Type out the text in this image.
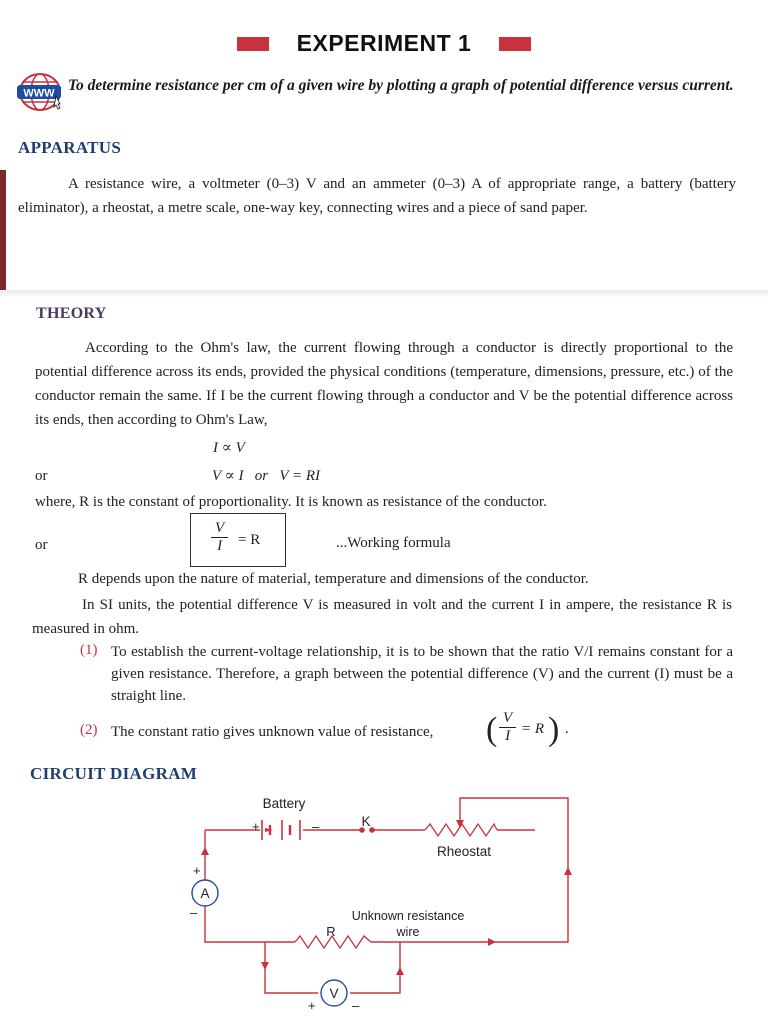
EXPERIMENT 1
WWW To determine resistance per cm of a given wire by plotting a graph of potential difference versus current.
APPARATUS
A resistance wire, a voltmeter (0–3) V and an ammeter (0–3) A of appropriate range, a battery (battery eliminator), a rheostat, a metre scale, one-way key, connecting wires and a piece of sand paper.
THEORY
According to the Ohm's law, the current flowing through a conductor is directly proportional to the potential difference across its ends, provided the physical conditions (temperature, dimensions, pressure, etc.) of the conductor remain the same. If I be the current flowing through a conductor and V be the potential difference across its ends, then according to Ohm's Law,
I ∝ V
or	V ∝ I   or   V = RI
where, R is the constant of proportionality. It is known as resistance of the conductor.
or	$\frac{V}{I} = R$	...Working formula
R depends upon the nature of material, temperature and dimensions of the conductor.
In SI units, the potential difference V is measured in volt and the current I in ampere, the resistance R is measured in ohm.
(1) To establish the current-voltage relationship, it is to be shown that the ratio V/I remains constant for a given resistance. Therefore, a graph between the potential difference (V) and the current (I) must be a straight line.
(2) The constant ratio gives unknown value of resistance, ( $\frac{V}{I} = R$ ) .
CIRCUIT DIAGRAM
Battery
+	–	K
Rheostat
A
+
–
R
Unknown resistance
wire
V
+	–
